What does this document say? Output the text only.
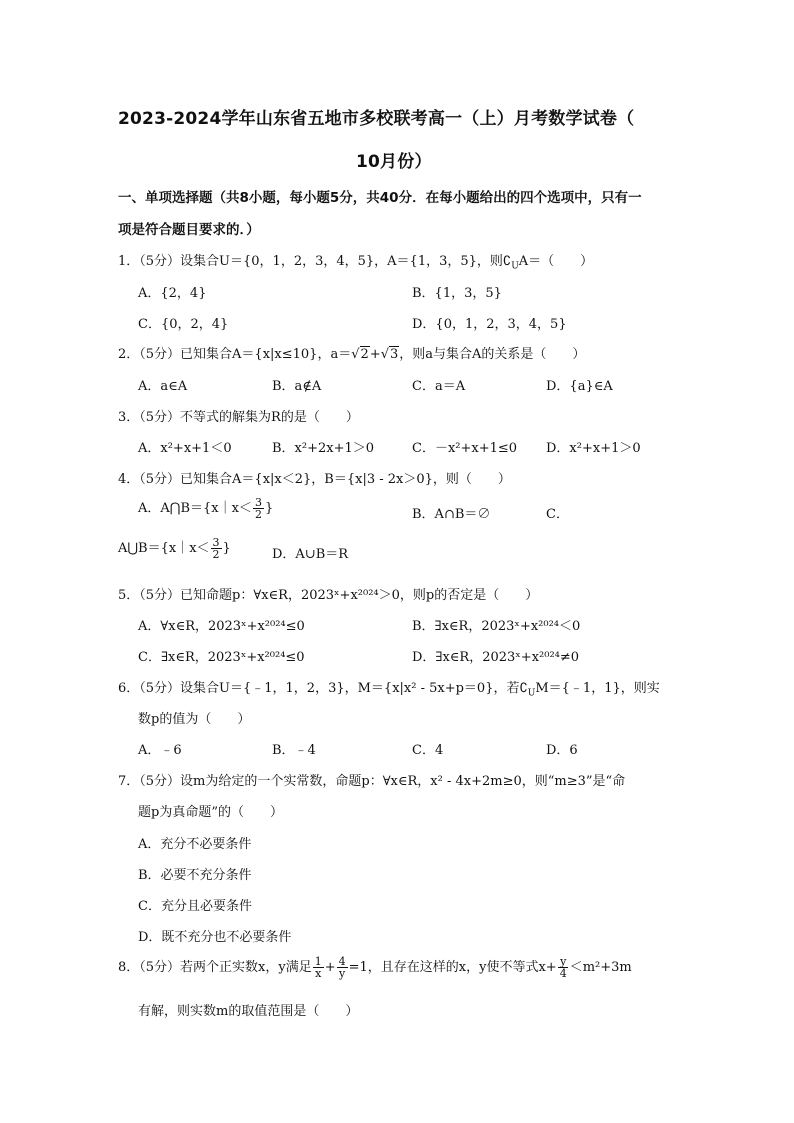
2023-2024学年山东省五地市多校联考高一（上）月考数学试卷（
10月份）
一、单项选择题（共8小题，每小题5分，共40分．在每小题给出的四个选项中，只有一
项是符合题目要求的．）
1．（5分）设集合U＝{0，1，2，3，4，5}，A＝{1，3，5}，则$∁_UA=$（　　）
A．{2，4}	B．{1，3，5}
C．{0，2，4}	D．{0，1，2，3，4，5}
2．（5分）已知集合A＝{x|x≤10}，a＝√2+√3，则a与集合A的关系是（　　）
A．a∈A	B．a∉A	C．a＝A	D．{a}∈A
3．（5分）不等式的解集为R的是（　　）
A．x²+x+1＜0	B．x²+2x+1＞0	C．－x²+x+1≤0 D．x²+x+1＞0
4．（5分）已知集合A＝{x|x＜2}，B＝{x|3 - 2x＞0}，则（　　）
A．A⋂B＝{x｜x＜ $\frac{3}{2}$ }	B．A∩B＝∅	C．
A⋃B＝{x｜x＜ $\frac{3}{2}$ }	D．A∪B＝R
5．（5分）已知命题p：∀x∈R，2023ˣ+x²⁰²⁴＞0，则p的否定是（　　）
A．∀x∈R，2023ˣ+x²⁰²⁴≤0	B．∃x∈R，2023ˣ+x²⁰²⁴＜0
C．∃x∈R，2023ˣ+x²⁰²⁴≤0	D．∃x∈R，2023ˣ+x²⁰²⁴≠0
6．（5分）设集合U＝{﹣1，1，2，3}，M＝{x|x² - 5x+p＝0}，若$∁_UM=\{﹣1$，1}，则实
数p的值为（　　）
A．﹣6	B．﹣4	C．4	D．6
7．（5分）设m为给定的一个实常数，命题p：∀x∈R，x² - 4x+2m≥0，则“m≥3”是“命
题p为真命题”的（　　）
A．充分不必要条件
B．必要不充分条件
C．充分且必要条件
D．既不充分也不必要条件
8．（5分）若两个正实数x，y满足 $\frac{1}{x} + \frac{4}{y} =1$，且存在这样的x，y使不等式$x+ \frac{y}{4} <m^2+3m$
有解，则实数m的取值范围是（　　）
